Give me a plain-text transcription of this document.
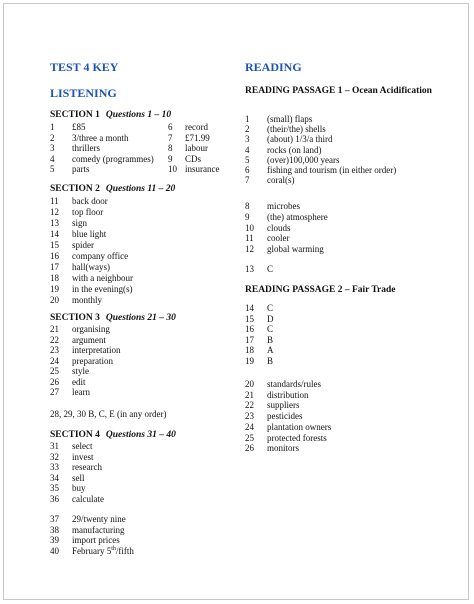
TEST 4 KEY
LISTENING
SECTION 1 Questions 1 – 10
1 £85
2 3/three a month
3 thrillers
4 comedy (programmes)
5 parts
6 record
7 £71.99
8 labour
9 CDs
10 insurance
SECTION 2 Questions 11 – 20
11 back door
12 top floor
13 sign
14 blue light
15 spider
16 company office
17 hall(ways)
18 with a neighbour
19 in the evening(s)
20 monthly
SECTION 3 Questions 21 – 30
21 organising
22 argument
23 interpretation
24 preparation
25 style
26 edit
27 learn
28, 29, 30 B, C, E (in any order)
SECTION 4 Questions 31 – 40
31 select
32 invest
33 research
34 sell
35 buy
36 calculate
37 29/twenty nine
38 manufacturing
39 import prices
40 February 5th/fifth
READING
READING PASSAGE 1 – Ocean Acidification
1 (small) flaps
2 (their/the) shells
3 (about) 1/3/a third
4 rocks (on land)
5 (over)100,000 years
6 fishing and tourism (in either order)
7 coral(s)
8 microbes
9 (the) atmosphere
10 clouds
11 cooler
12 global warming
13 C
READING PASSAGE 2 – Fair Trade
14 C
15 D
16 C
17 B
18 A
19 B
20 standards/rules
21 distribution
22 suppliers
23 pesticides
24 plantation owners
25 protected forests
26 monitors
